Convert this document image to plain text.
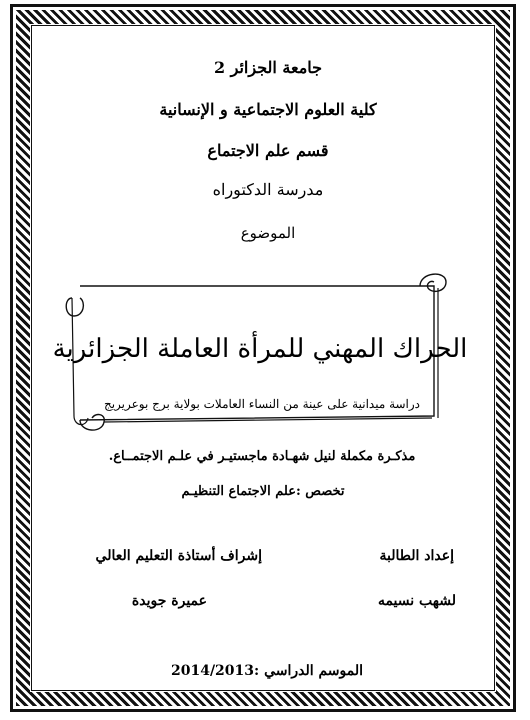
جامعة الجزائر 2
كلية العلوم الاجتماعية و الإنسانية
قسم علم الاجتماع
مدرسة الدكتوراه
الموضوع
الحراك المهني للمرأة العاملة الجزائرية
دراسة ميدانية على عينة من النساء العاملات بولاية برج بوعريريج
مذكـرة مكملة لنيل شهـادة ماجستيـر في علـم الاجتمــاع.
تخصص :علم الاجتماع التنظيـم
إعداد الطالبة
لشهب نسيمه
إشراف أستاذة التعليم العالي
عميرة جويدة
الموسم الدراسي :2014/2013
